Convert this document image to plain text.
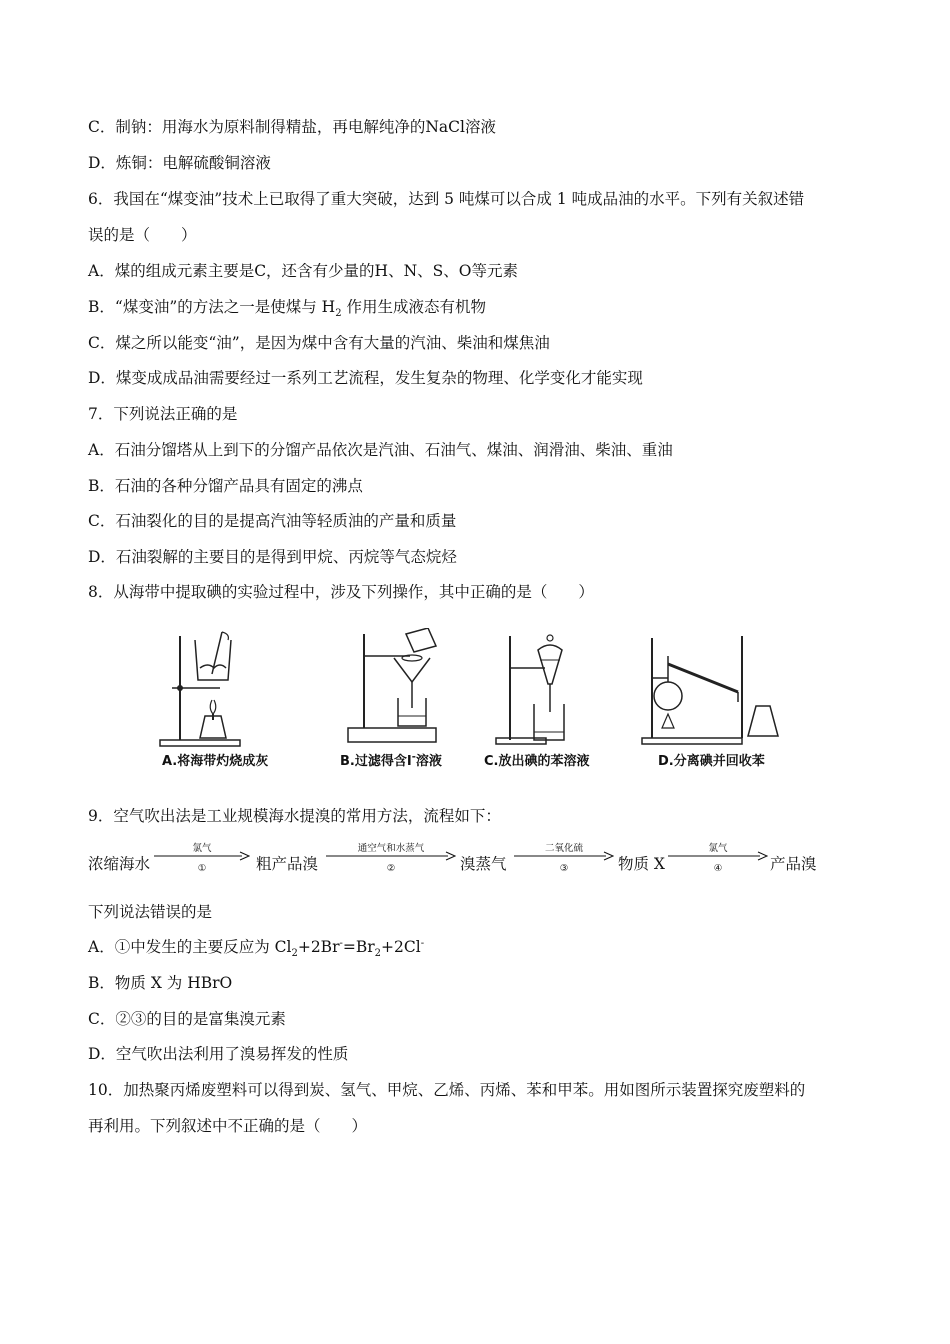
C．制钠：用海水为原料制得精盐，再电解纯净的NaCl溶液
D．炼铜：电解硫酸铜溶液
6．我国在“煤变油”技术上已取得了重大突破，达到 5 吨煤可以合成 1 吨成品油的水平。下列有关叙述错
误的是（　　）
A．煤的组成元素主要是C，还含有少量的H、N、S、O等元素
B．“煤变油”的方法之一是使煤与 $H_2$ 作用生成液态有机物
C．煤之所以能变“油”，是因为煤中含有大量的汽油、柴油和煤焦油
D．煤变成成品油需要经过一系列工艺流程，发生复杂的物理、化学变化才能实现
7．下列说法正确的是
A．石油分馏塔从上到下的分馏产品依次是汽油、石油气、煤油、润滑油、柴油、重油
B．石油的各种分馏产品具有固定的沸点
C．石油裂化的目的是提高汽油等轻质油的产量和质量
D．石油裂解的主要目的是得到甲烷、丙烷等气态烷烃
8．从海带中提取碘的实验过程中，涉及下列操作，其中正确的是（　　）
A.将海带灼烧成灰	B.过滤得含I-溶液	C.放出碘的苯溶液	D.分离碘并回收苯
9．空气吹出法是工业规模海水提溴的常用方法，流程如下：
浓缩海水
氯气
①	粗产品溴
通空气和水蒸气
②	溴蒸气
二氧化硫
③	物质 X
氯气
④	产品溴
下列说法错误的是
A．①中发生的主要反应为 $Cl_2+2Br^-=Br_2+2Cl^-$
B．物质 X 为 HBrO
C．②③的目的是富集溴元素
D．空气吹出法利用了溴易挥发的性质
10．加热聚丙烯废塑料可以得到炭、氢气、甲烷、乙烯、丙烯、苯和甲苯。用如图所示装置探究废塑料的
再利用。下列叙述中不正确的是（　　）
